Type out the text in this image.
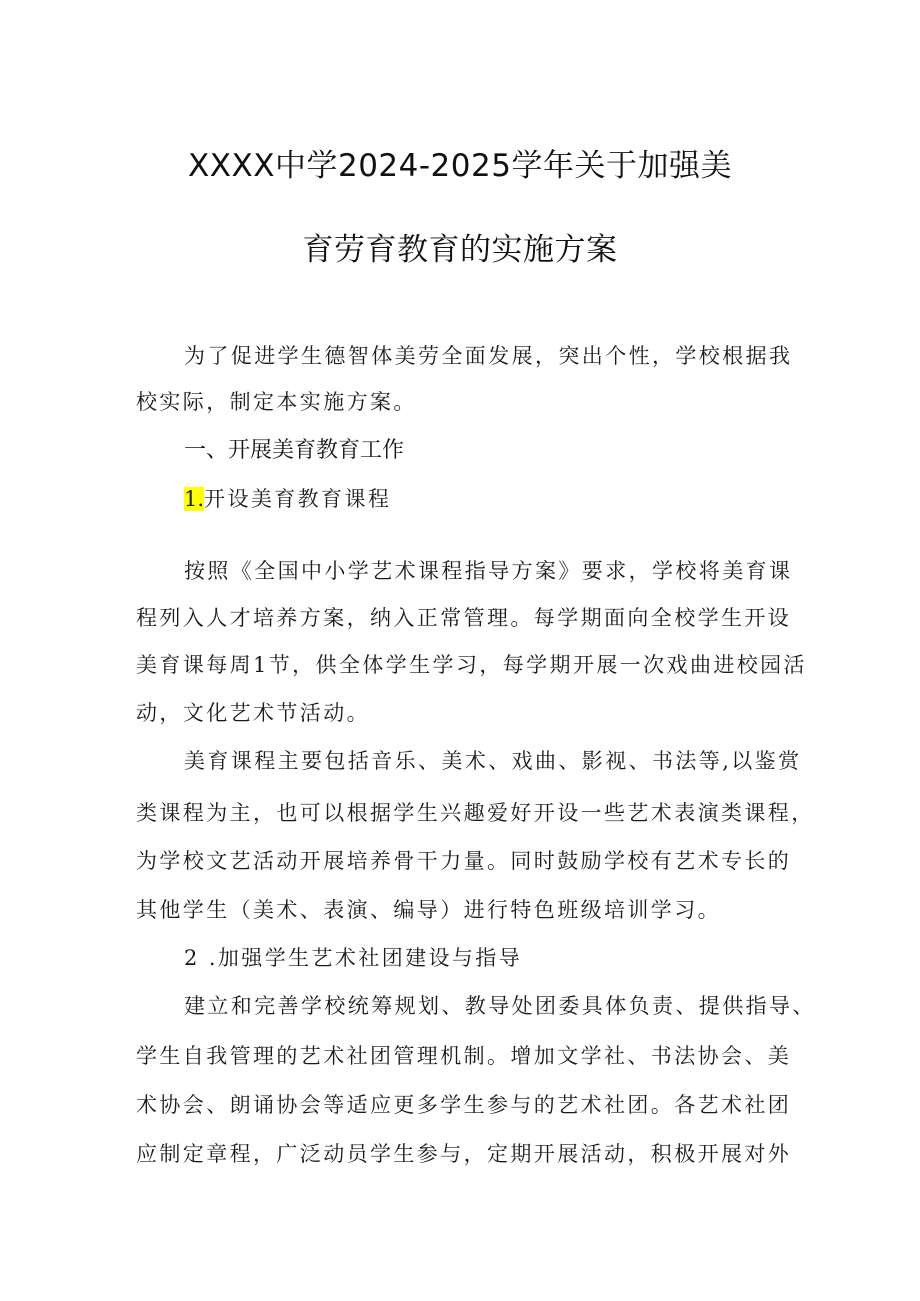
XXXX中学2024-2025学年关于加强美
育劳育教育的实施方案
为了促进学生德智体美劳全面发展，突出个性，学校根据我
校实际，制定本实施方案。
一、开展美育教育工作
1.开设美育教育课程
按照《全国中小学艺术课程指导方案》要求，学校将美育课
程列入人才培养方案，纳入正常管理。每学期面向全校学生开设
美育课每周1节，供全体学生学习，每学期开展一次戏曲进校园活
动，文化艺术节活动。
美育课程主要包括音乐、美术、戏曲、影视、书法等,以鉴赏
类课程为主，也可以根据学生兴趣爱好开设一些艺术表演类课程，
为学校文艺活动开展培养骨干力量。同时鼓励学校有艺术专长的
其他学生（美术、表演、编导）进行特色班级培训学习。
2 .加强学生艺术社团建设与指导
建立和完善学校统筹规划、教导处团委具体负责、提供指导、
学生自我管理的艺术社团管理机制。增加文学社、书法协会、美
术协会、朗诵协会等适应更多学生参与的艺术社团。各艺术社团
应制定章程，广泛动员学生参与，定期开展活动，积极开展对外
